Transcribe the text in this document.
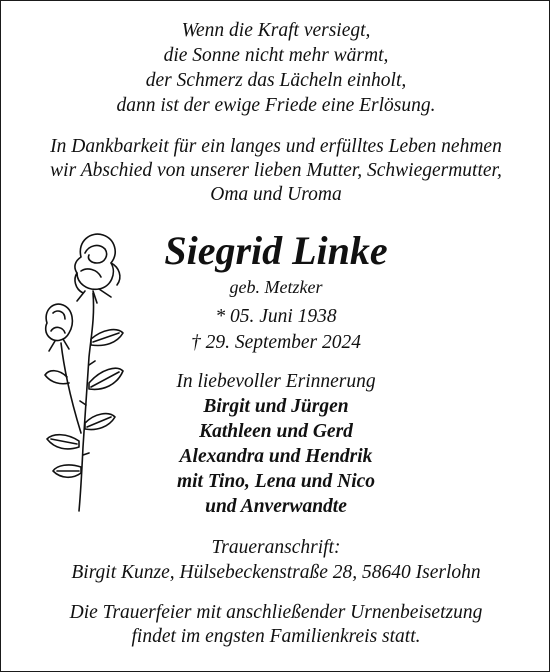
Wenn die Kraft versiegt,
die Sonne nicht mehr wärmt,
der Schmerz das Lächeln einholt,
dann ist der ewige Friede eine Erlösung.
In Dankbarkeit für ein langes und erfülltes Leben nehmen
wir Abschied von unserer lieben Mutter, Schwiegermutter,
Oma und Uroma
Siegrid Linke
geb. Metzker
* 05. Juni 1938
† 29. September 2024
In liebevoller Erinnerung
Birgit und Jürgen
Kathleen und Gerd
Alexandra und Hendrik
mit Tino, Lena und Nico
und Anverwandte
Traueranschrift:
Birgit Kunze, Hülsebeckenstraße 28, 58640 Iserlohn
Die Trauerfeier mit anschließender Urnenbeisetzung
findet im engsten Familienkreis statt.
